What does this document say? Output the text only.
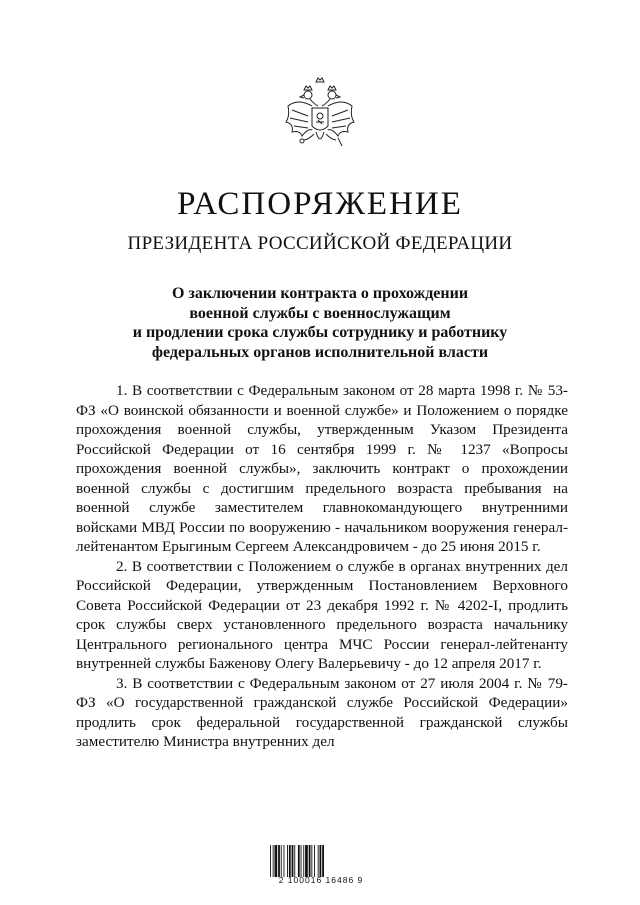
РАСПОРЯЖЕНИЕ
ПРЕЗИДЕНТА РОССИЙСКОЙ ФЕДЕРАЦИИ
О заключении контракта о прохождении
военной службы с военнослужащим
и продлении срока службы сотруднику и работнику
федеральных органов исполнительной власти

1. В соответствии с Федеральным законом от 28 марта 1998 г. № 53-ФЗ «О воинской обязанности и военной службе» и Положением о порядке прохождения военной службы, утвержденным Указом Президента Российской Федерации от 16 сентября 1999 г. № 1237 «Вопросы прохождения военной службы», заключить контракт о прохождении военной службы с достигшим предельного возраста пребывания на военной службе заместителем главнокомандующего внутренними войсками МВД России по вооружению - начальником вооружения генерал-лейтенантом Ерыгиным Сергеем Александровичем - до 25 июня 2015 г.

2. В соответствии с Положением о службе в органах внутренних дел Российской Федерации, утвержденным Постановлением Верховного Совета Российской Федерации от 23 декабря 1992 г. № 4202-I, продлить срок службы сверх установленного предельного возраста начальнику Центрального регионального центра МЧС России генерал-лейтенанту внутренней службы Баженову Олегу Валерьевичу - до 12 апреля 2017 г.

3. В соответствии с Федеральным законом от 27 июля 2004 г. № 79-ФЗ «О государственной гражданской службе Российской Федерации» продлить срок федеральной государственной гражданской службы заместителю Министра внутренних дел

2 100016 16486 9
